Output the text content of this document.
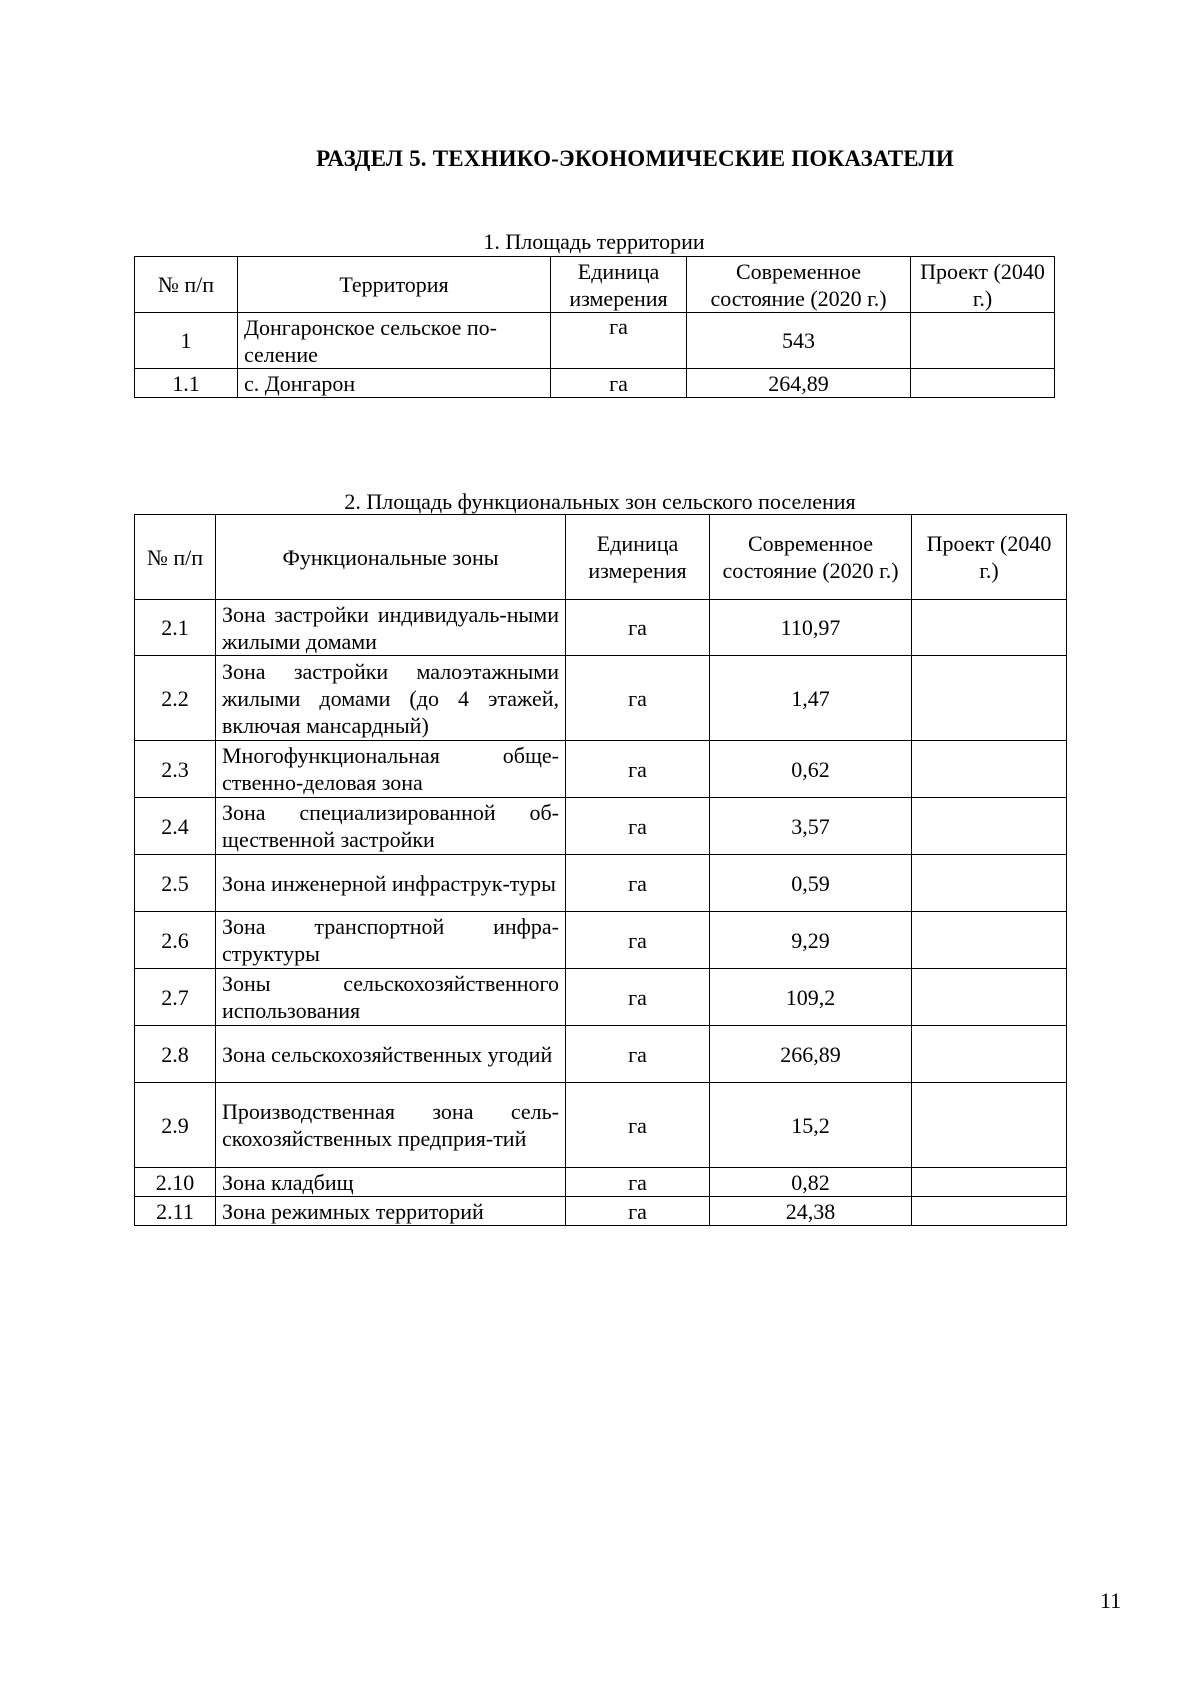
РАЗДЕЛ 5. ТЕХНИКО-ЭКОНОМИЧЕСКИЕ ПОКАЗАТЕЛИ
1. Площадь территории
№ п/п	Территория	Единица измерения	Современное состояние (2020 г.)	Проект (2040 г.)
1	Донгаронское сельское по-селение	га	543	
1.1	с. Донгарон	га	264,89	
2. Площадь функциональных зон сельского поселения
№ п/п	Функциональные зоны	Единица измерения	Современное состояние (2020 г.)	Проект (2040 г.)
2.1	Зона застройки индивидуаль-ными жилыми домами	га	110,97	
2.2	Зона застройки малоэтажными жилыми домами (до 4 этажей, включая мансардный)	га	1,47	
2.3	Многофункциональная обще-ственно-деловая зона	га	0,62	
2.4	Зона специализированной об-щественной застройки	га	3,57	
2.5	Зона инженерной инфраструк-туры	га	0,59	
2.6	Зона транспортной инфра-структуры	га	9,29	
2.7	Зоны сельскохозяйственного использования	га	109,2	
2.8	Зона сельскохозяйственных угодий	га	266,89	
2.9	Производственная зона сель-скохозяйственных предприя-тий	га	15,2	
2.10	Зона кладбищ	га	0,82	
2.11	Зона режимных территорий	га	24,38	
11
